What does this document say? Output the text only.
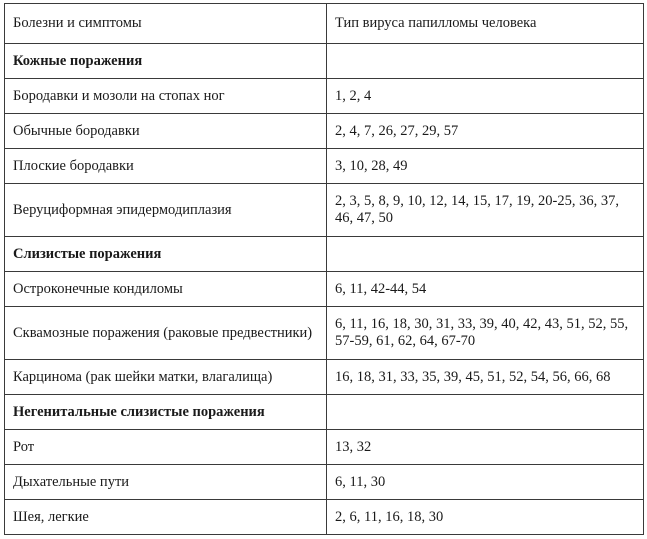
Болезни и симптомы	Тип вируса папилломы человека
Кожные поражения	
Бородавки и мозоли на стопах ног	1, 2, 4
Обычные бородавки	2, 4, 7, 26, 27, 29, 57
Плоские бородавки	3, 10, 28, 49
Веруциформная эпидермодиплазия	2, 3, 5, 8, 9, 10, 12, 14, 15, 17, 19, 20-25, 36, 37, 46, 47, 50
Слизистые поражения	
Остроконечные кондиломы	6, 11, 42-44, 54
Сквамозные поражения (раковые предвестники)	6, 11, 16, 18, 30, 31, 33, 39, 40, 42, 43, 51, 52, 55, 57-59, 61, 62, 64, 67-70
Карцинома (рак шейки матки, влагалища)	16, 18, 31, 33, 35, 39, 45, 51, 52, 54, 56, 66, 68
Негенитальные слизистые поражения	
Рот	13, 32
Дыхательные пути	6, 11, 30
Шея, легкие	2, 6, 11, 16, 18, 30
